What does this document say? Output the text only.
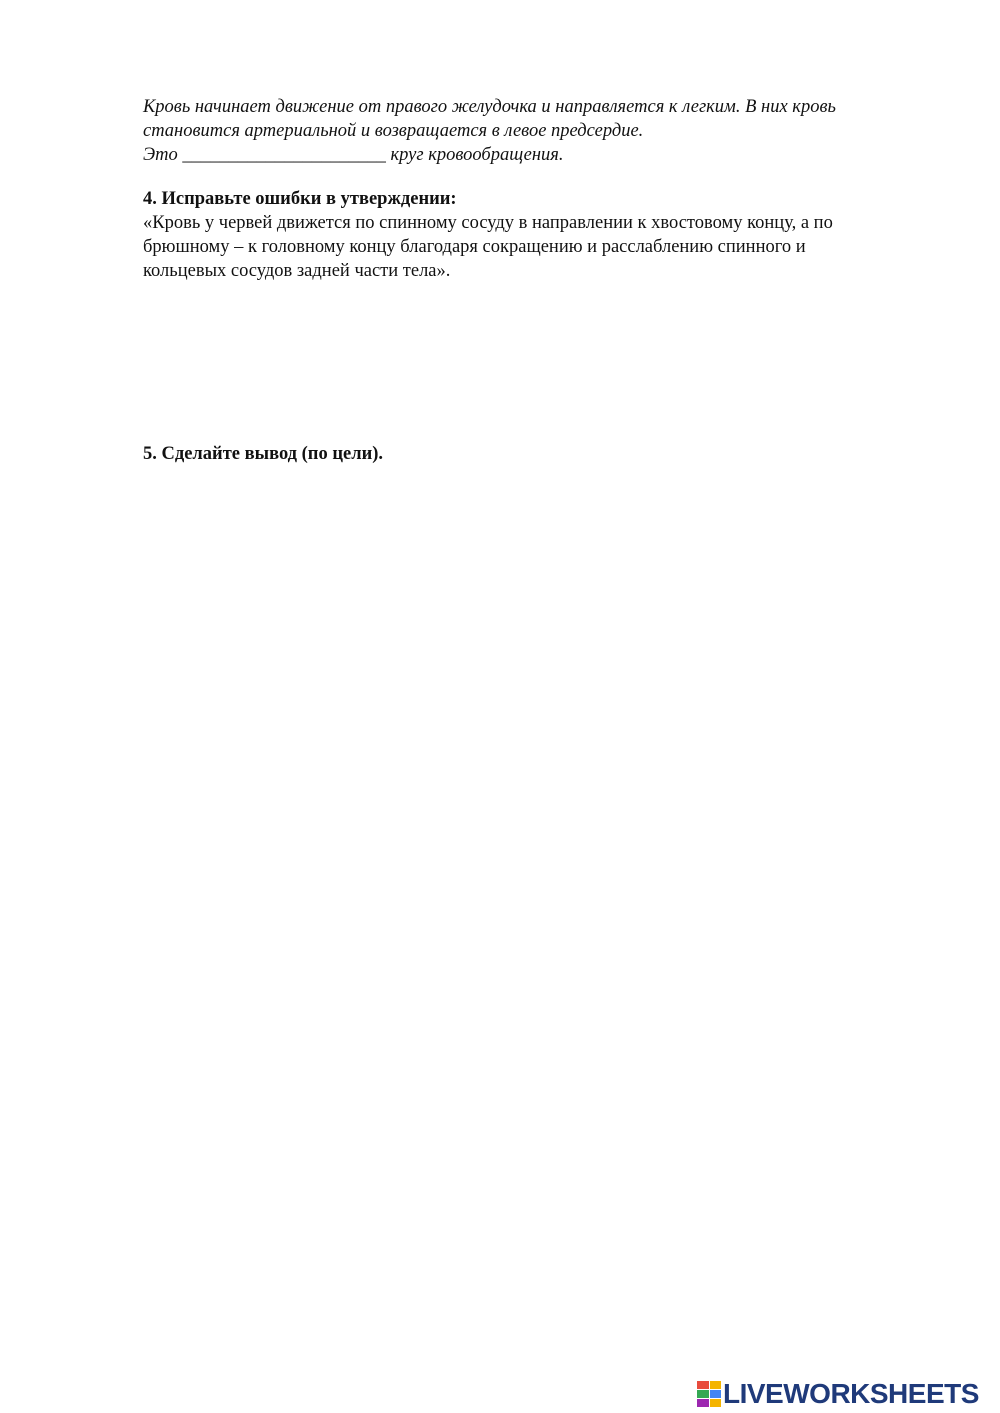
Кровь начинает движение от правого желудочка и направляется к легким. В них кровь
становится артериальной и возвращается в левое предсердие.
Это ______________________ круг кровообращения.
4. Исправьте ошибки в утверждении:
«Кровь у червей движется по спинному сосуду в направлении к хвостовому концу, а по
брюшному – к головному концу благодаря сокращению и расслаблению спинного и
кольцевых сосудов задней части тела».
5. Сделайте вывод (по цели).
LIVEWORKSHEETS
